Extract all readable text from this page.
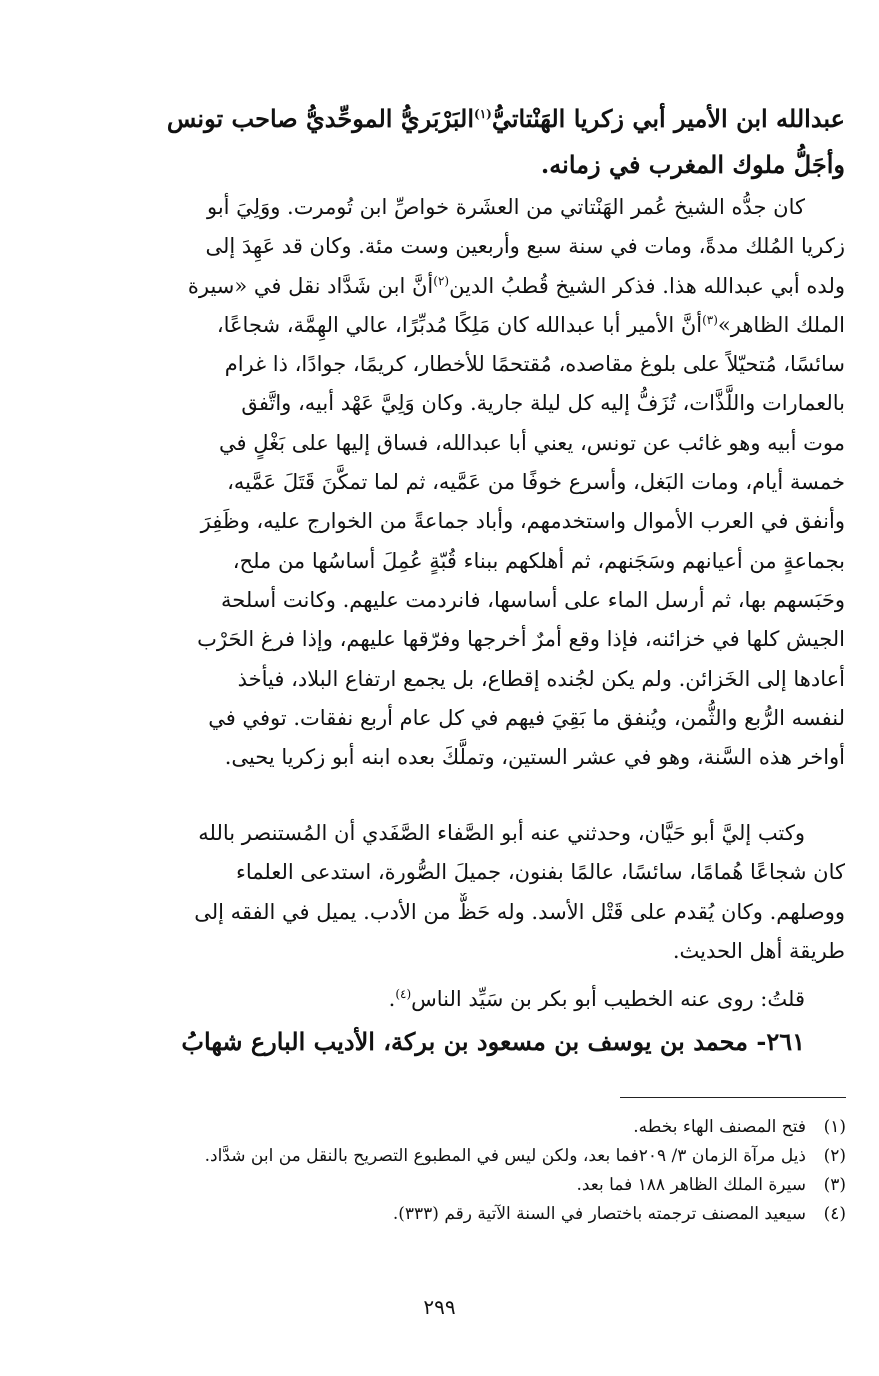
عبدالله ابن الأمير أبي زكريا الهَنْتاتيُّ$^{(١)}$البَرْبَريُّ الموحِّديُّ صاحب تونس
وأجَلُّ ملوك المغرب في زمانه.
كان جدُّه الشيخ عُمر الهَنْتاتي من العشَرة خواصِّ ابن تُومرت. ووَلِيَ أبو
زكريا المُلك مدةً، ومات في سنة سبع وأربعين وست مئة. وكان قد عَهِدَ إلى
ولده أبي عبدالله هذا. فذكر الشيخ قُطبُ الدين$^{(٢)}$أنَّ ابن شَدَّاد نقل في «سيرة
الملك الظاهر»$^{(٣)}$أنَّ الأمير أبا عبدالله كان مَلِكًا مُدبِّرًا، عالي الهِمَّة، شجاعًا،
سائسًا، مُتحيّلاً على بلوغ مقاصده، مُقتحمًا للأخطار، كريمًا، جوادًا، ذا غرام
بالعمارات واللَّذَّات، تُزَفُّ إليه كل ليلة جارية. وكان وَلِيَّ عَهْد أبيه، واتَّفق
موت أبيه وهو غائب عن تونس، يعني أبا عبدالله، فساق إليها على بَغْلٍ في
خمسة أيام، ومات البَغل، وأسرع خوفًا من عَمَّيه، ثم لما تمكَّنَ قَتَلَ عَمَّيه،
وأنفق في العرب الأموال واستخدمهم، وأباد جماعةً من الخوارج عليه، وظَفِرَ
بجماعةٍ من أعيانهم وسَجَنهم، ثم أهلكهم ببناء قُبّةٍ عُمِلَ أساسُها من ملح،
وحَبَسهم بها، ثم أرسل الماء على أساسها، فانردمت عليهم. وكانت أسلحة
الجيش كلها في خزائنه، فإذا وقع أمرٌ أخرجها وفرّقها عليهم، وإذا فرغ الحَرْب
أعادها إلى الخَزائن. ولم يكن لجُنده إقطاع، بل يجمع ارتفاع البلاد، فيأخذ
لنفسه الرُّبع والثُّمن، ويُنفق ما بَقِيَ فيهم في كل عام أربع نفقات. توفي في
أواخر هذه السَّنة، وهو في عشر الستين، وتملَّكَ بعده ابنه أبو زكريا يحيى.
وكتب إليَّ أبو حَيَّان، وحدثني عنه أبو الصَّفاء الصَّفَدي أن المُستنصر بالله
كان شجاعًا هُمامًا، سائسًا، عالمًا بفنون، جميلَ الصُّورة، استدعى العلماء
ووصلهم. وكان يُقدم على قَتْل الأسد. وله حَظٌّ من الأدب. يميل في الفقه إلى
طريقة أهل الحديث.
قلتُ: روى عنه الخطيب أبو بكر بن سَيِّد الناس$^{(٤)}$.
٢٦١- محمد بن يوسف بن مسعود بن بركة، الأديب البارع شهابُ
(١)فتح المصنف الهاء بخطه.
(٢)ذيل مرآة الزمان ٣/ ٢٠٩فما بعد، ولكن ليس في المطبوع التصريح بالنقل من ابن شدَّاد.
(٣)سيرة الملك الظاهر ١٨٨ فما بعد.
(٤)سيعيد المصنف ترجمته باختصار في السنة الآتية رقم (٣٣٣).
٢٩٩
